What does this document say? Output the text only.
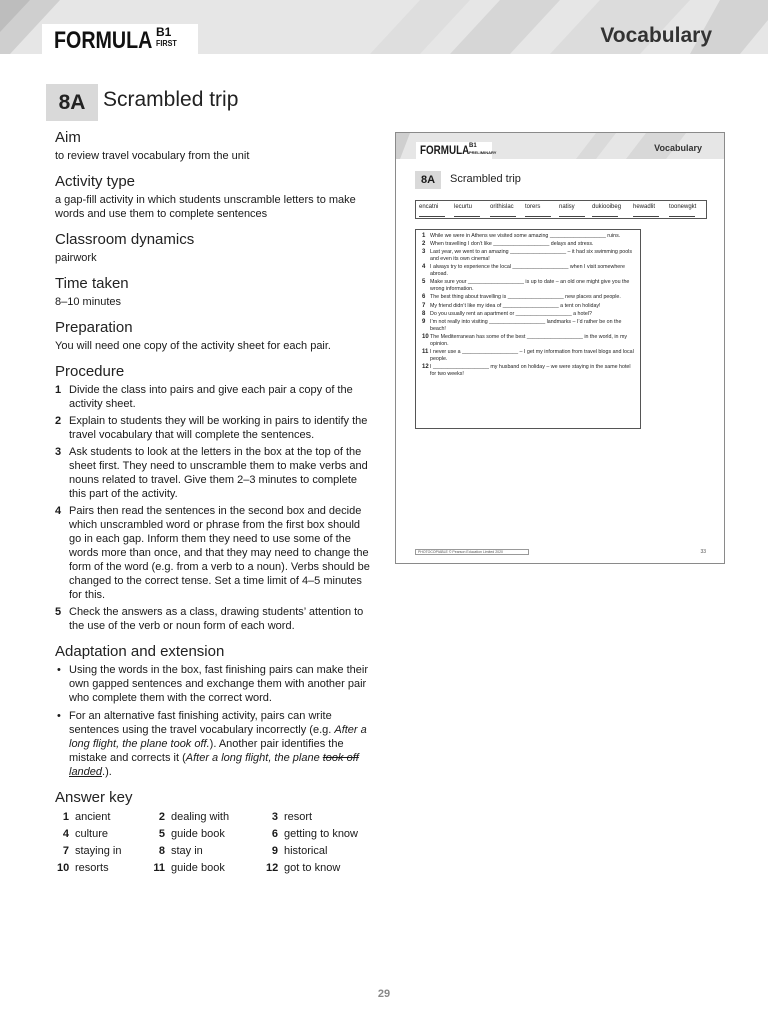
FORMULA B1
FIRST	Vocabulary
8A Scrambled trip
Aim
to review travel vocabulary from the unit
Activity type
a gap-fill activity in which students unscramble letters to make words and use them to complete sentences
Classroom dynamics
pairwork
Time taken
8–10 minutes
Preparation
You will need one copy of the activity sheet for each pair.
Procedure
1 Divide the class into pairs and give each pair a copy of the activity sheet.
2 Explain to students they will be working in pairs to identify the travel vocabulary that will complete the sentences.
3 Ask students to look at the letters in the box at the top of the sheet first. They need to unscramble them to make verbs and nouns related to travel. Give them 2–3 minutes to complete this part of the activity.
4 Pairs then read the sentences in the second box and decide which unscrambled word or phrase from the first box should go in each gap. Inform them they need to use some of the words more than once, and that they may need to change the form of the word (e.g. from a verb to a noun). Verbs should be changed to the correct tense. Set a time limit of 4–5 minutes for this.
5 Check the answers as a class, drawing students’ attention to the use of the verb or noun form of each word.
Adaptation and extension
• Using the words in the box, fast finishing pairs can make their own gapped sentences and exchange them with another pair who complete them with the correct word.
• For an alternative fast finishing activity, pairs can write sentences using the travel vocabulary incorrectly (e.g. After a long flight, the plane took off.). Another pair identifies the mistake and corrects it (After a long flight, the plane took off landed.).
Answer key
1 ancient	2 dealing with	3 resort
4 culture	5 guide book	6 getting to know
7 staying in	8 stay in	9 historical
10 resorts	11 guide book	12 got to know
FORMULA B1
PRELIMINARY	Vocabulary
8A	Scrambled trip
encatni	lecurtu	orithislac torers	natisy	dukiooibeg hewadlit toonewgkt
1 While we were in Athens we visited some amazing ___________________ ruins.
2 When travelling I don’t like ___________________ delays and stress.
3 Last year, we went to an amazing ___________________ – it had six swimming pools and even its own cinema!
4 I always try to experience the local ___________________ when I visit somewhere abroad.
5 Make sure your ___________________ is up to date – an old one might give you the wrong information.
6 The best thing about travelling is ___________________ new places and people.
7 My friend didn’t like my idea of ___________________ a tent on holiday!
8 Do you usually rent an apartment or ___________________ a hotel?
9 I’m not really into visiting ___________________ landmarks – I’d rather be on the beach!
10 The Mediterranean has some of the best ___________________ in the world, in my opinion.
11 I never use a ___________________ – I get my information from travel blogs and local people.
12 I ___________________ my husband on holiday – we were staying in the same hotel for two weeks!
PHOTOCOPIABLE © Pearson Education Limited 2020	33
29
